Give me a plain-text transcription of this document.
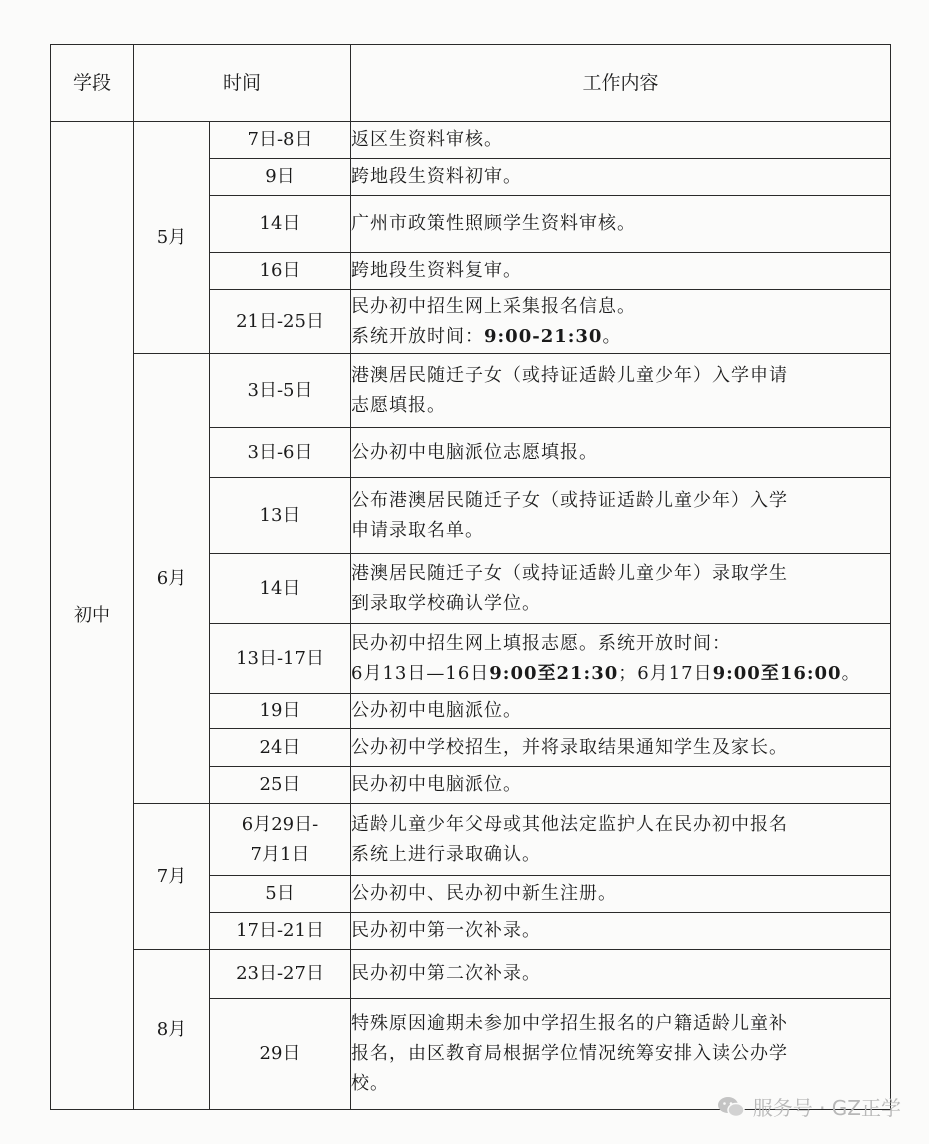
学段	时间		工作内容
初中	5月	7日-8日	返区生资料审核。

		9日	跨地段生资料初审。

		14日	广州市政策性照顾学生资料审核。

		16日	跨地段生资料复审。

		21日-25日	民办初中招生网上采集报名信息。
系统开放时间：9:00-21:30。

	6月	3日-5日	港澳居民随迁子女（或持证适龄儿童少年）入学申请
志愿填报。

		3日-6日	公办初中电脑派位志愿填报。

		13日	公布港澳居民随迁子女（或持证适龄儿童少年）入学
申请录取名单。

		14日	港澳居民随迁子女（或持证适龄儿童少年）录取学生
到录取学校确认学位。

		13日-17日	民办初中招生网上填报志愿。系统开放时间：
6月13日—16日9:00至21:30；6月17日9:00至16:00。

		19日	公办初中电脑派位。

		24日	公办初中学校招生，并将录取结果通知学生及家长。

		25日	民办初中电脑派位。

	7月	6月29日-
7月1日	适龄儿童少年父母或其他法定监护人在民办初中报名
系统上进行录取确认。

		5日	公办初中、民办初中新生注册。

		17日-21日	民办初中第一次补录。

	8月	23日-27日	民办初中第二次补录。

		29日	特殊原因逾期未参加中学招生报名的户籍适龄儿童补
报名，由区教育局根据学位情况统筹安排入读公办学
校。
服务号 · GZ正学
